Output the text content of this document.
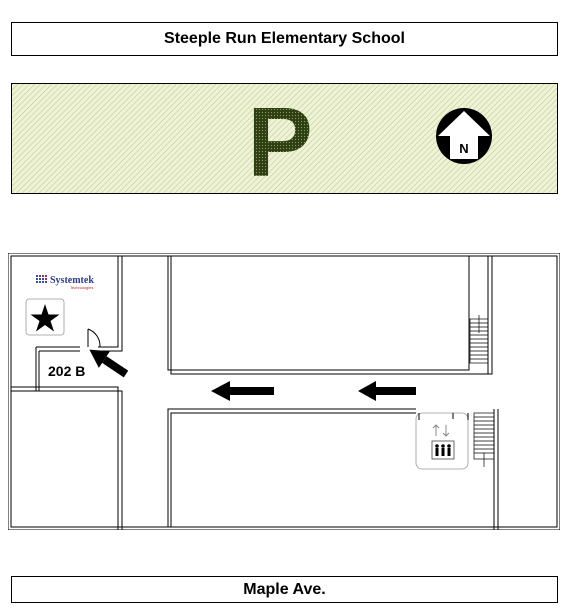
Steeple Run Elementary School
P	N
Systemtek
Technologies
202 B
Maple Ave.
